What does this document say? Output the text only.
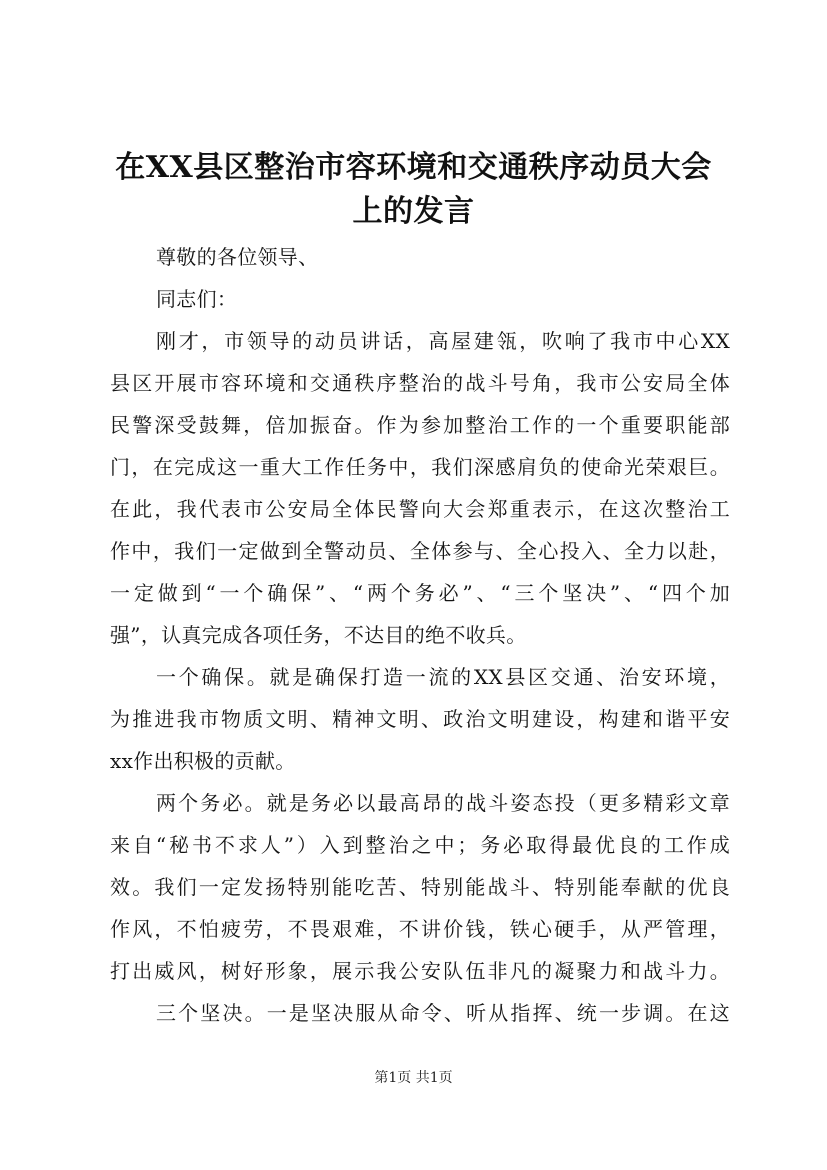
在XX县区整治市容环境和交通秩序动员大会
上的发言
尊敬的各位领导、
同志们：
刚才，市领导的动员讲话，高屋建瓴，吹响了我市中心XX
县区开展市容环境和交通秩序整治的战斗号角，我市公安局全体
民警深受鼓舞，倍加振奋。作为参加整治工作的一个重要职能部
门，在完成这一重大工作任务中，我们深感肩负的使命光荣艰巨。
在此，我代表市公安局全体民警向大会郑重表示，在这次整治工
作中，我们一定做到全警动员、全体参与、全心投入、全力以赴，
一定做到“一个确保”、“两个务必”、“三个坚决”、“四个加
强”，认真完成各项任务，不达目的绝不收兵。
一个确保。就是确保打造一流的XX县区交通、治安环境，
为推进我市物质文明、精神文明、政治文明建设，构建和谐平安
xx作出积极的贡献。
两个务必。就是务必以最高昂的战斗姿态投（更多精彩文章
来自“秘书不求人”）入到整治之中；务必取得最优良的工作成
效。我们一定发扬特别能吃苦、特别能战斗、特别能奉献的优良
作风，不怕疲劳，不畏艰难，不讲价钱，铁心硬手，从严管理，
打出威风，树好形象，展示我公安队伍非凡的凝聚力和战斗力。
三个坚决。一是坚决服从命令、听从指挥、统一步调。在这
第1页 共1页
